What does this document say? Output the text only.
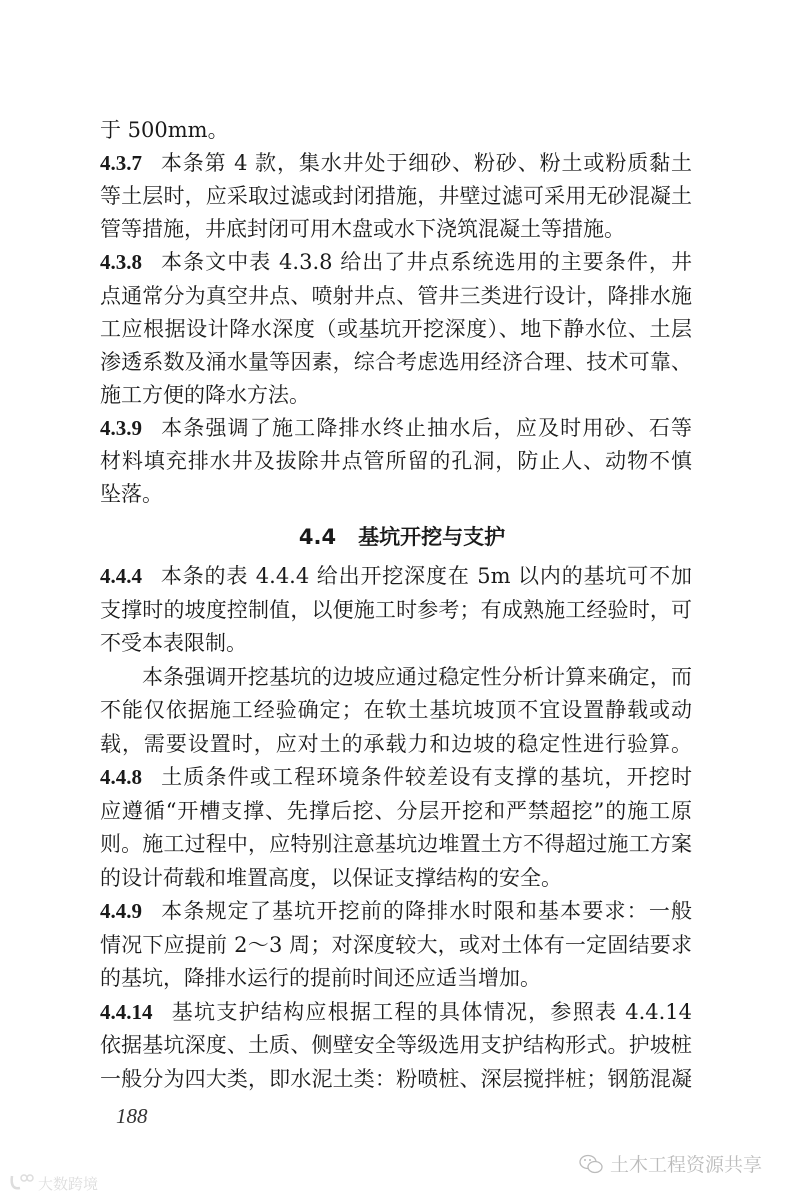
于 500mm。
4.3.7 本条第 4 款，集水井处于细砂、粉砂、粉土或粉质黏土
等土层时，应采取过滤或封闭措施，井壁过滤可采用无砂混凝土
管等措施，井底封闭可用木盘或水下浇筑混凝土等措施。
4.3.8 本条文中表 4.3.8 给出了井点系统选用的主要条件，井
点通常分为真空井点、喷射井点、管井三类进行设计，降排水施
工应根据设计降水深度（或基坑开挖深度）、地下静水位、土层
渗透系数及涌水量等因素，综合考虑选用经济合理、技术可靠、
施工方便的降水方法。
4.3.9 本条强调了施工降排水终止抽水后，应及时用砂、石等
材料填充排水井及拔除井点管所留的孔洞，防止人、动物不慎
坠落。
4.4 基坑开挖与支护
4.4.4 本条的表 4.4.4 给出开挖深度在 5m 以内的基坑可不加
支撑时的坡度控制值，以便施工时参考；有成熟施工经验时，可
不受本表限制。
本条强调开挖基坑的边坡应通过稳定性分析计算来确定，而
不能仅依据施工经验确定；在软土基坑坡顶不宜设置静载或动
载，需要设置时，应对土的承载力和边坡的稳定性进行验算。
4.4.8 土质条件或工程环境条件较差设有支撑的基坑，开挖时
应遵循“开槽支撑、先撑后挖、分层开挖和严禁超挖”的施工原
则。施工过程中，应特别注意基坑边堆置土方不得超过施工方案
的设计荷载和堆置高度，以保证支撑结构的安全。
4.4.9 本条规定了基坑开挖前的降排水时限和基本要求：一般
情况下应提前 2～3 周；对深度较大，或对土体有一定固结要求
的基坑，降排水运行的提前时间还应适当增加。
4.4.14 基坑支护结构应根据工程的具体情况，参照表 4.4.14
依据基坑深度、土质、侧壁安全等级选用支护结构形式。护坡桩
一般分为四大类，即水泥土类：粉喷桩、深层搅拌桩；钢筋混凝
188
大数跨境
土木工程资源共享
